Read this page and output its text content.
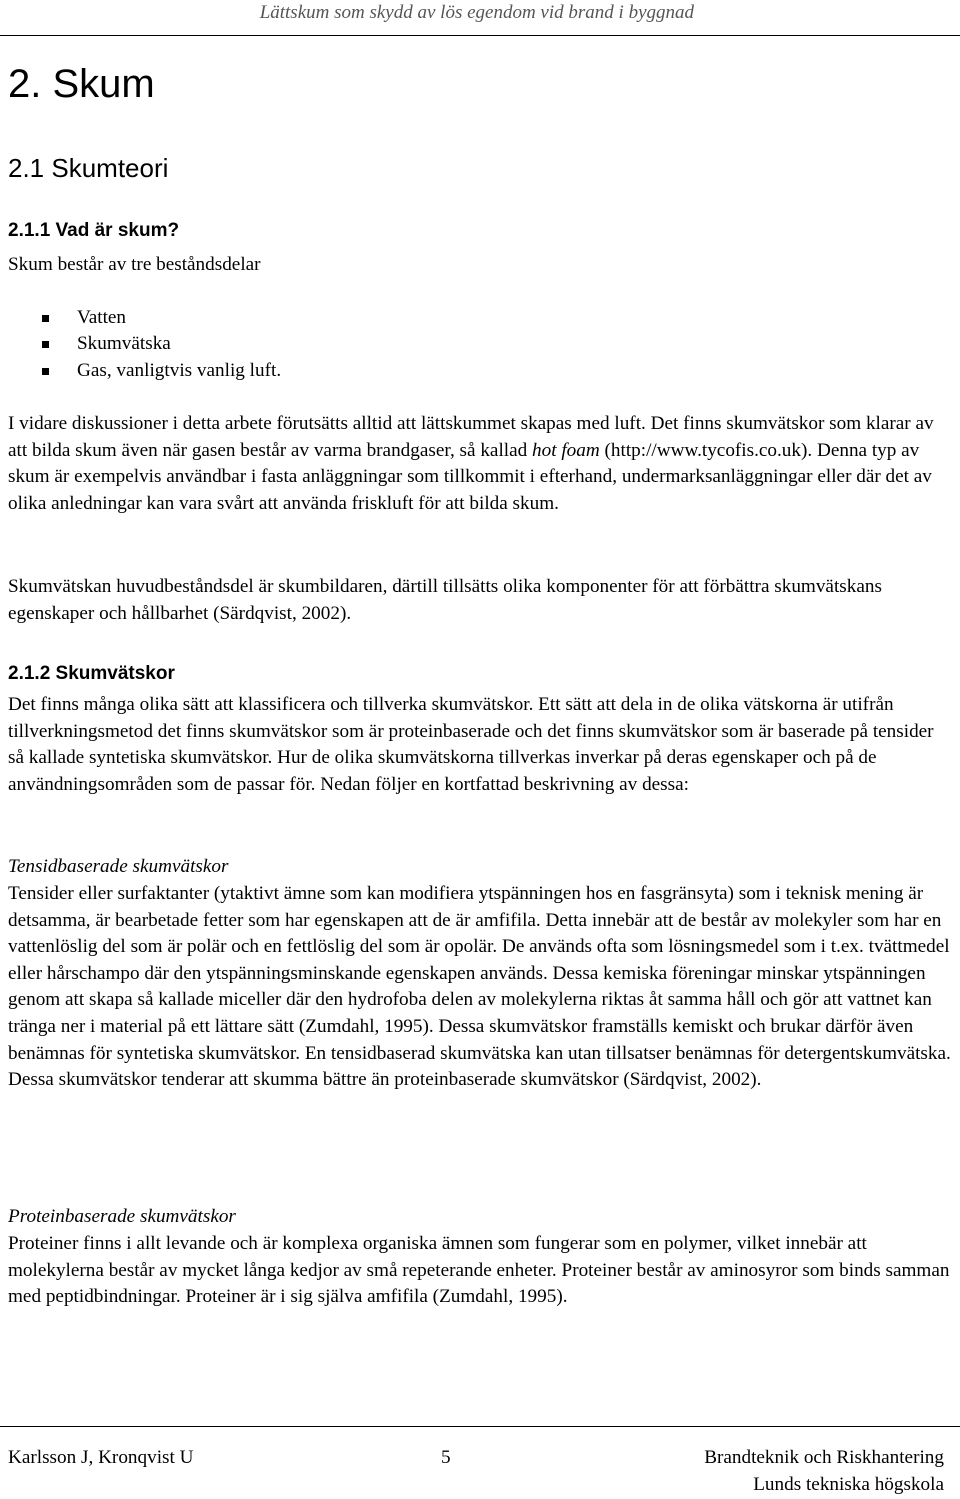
Lättskum som skydd av lös egendom vid brand i byggnad
2. Skum
2.1 Skumteori
2.1.1 Vad är skum?

Skum består av tre beståndsdelar

Vatten
Skumvätska
Gas, vanligtvis vanlig luft.

I vidare diskussioner i detta arbete förutsätts alltid att lättskummet skapas med luft. Det finns skumvätskor som klarar av att bilda skum även när gasen består av varma brandgaser, så kallad hot foam (http://www.tycofis.co.uk). Denna typ av skum är exempelvis användbar i fasta anläggningar som tillkommit i efterhand, undermarksanläggningar eller där det av olika anledningar kan vara svårt att använda friskluft för att bilda skum.

Skumvätskan huvudbeståndsdel är skumbildaren, därtill tillsätts olika komponenter för att förbättra skumvätskans egenskaper och hållbarhet (Särdqvist, 2002).

2.1.2 Skumvätskor

Det finns många olika sätt att klassificera och tillverka skumvätskor. Ett sätt att dela in de olika vätskorna är utifrån tillverkningsmetod det finns skumvätskor som är proteinbaserade och det finns skumvätskor som är baserade på tensider så kallade syntetiska skumvätskor. Hur de olika skumvätskorna tillverkas inverkar på deras egenskaper och på de användningsområden som de passar för. Nedan följer en kortfattad beskrivning av dessa:

Tensidbaserade skumvätskor

Tensider eller surfaktanter (ytaktivt ämne som kan modifiera ytspänningen hos en fasgränsyta) som i teknisk mening är detsamma, är bearbetade fetter som har egenskapen att de är amfifila. Detta innebär att de består av molekyler som har en vattenlöslig del som är polär och en fettlöslig del som är opolär. De används ofta som lösningsmedel som i t.ex. tvättmedel eller hårschampo där den ytspänningsminskande egenskapen används. Dessa kemiska föreningar minskar ytspänningen genom att skapa så kallade miceller där den hydrofoba delen av molekylerna riktas åt samma håll och gör att vattnet kan tränga ner i material på ett lättare sätt (Zumdahl, 1995). Dessa skumvätskor framställs kemiskt och brukar därför även benämnas för syntetiska skumvätskor. En tensidbaserad skumvätska kan utan tillsatser benämnas för detergentskumvätska. Dessa skumvätskor tenderar att skumma bättre än proteinbaserade skumvätskor (Särdqvist, 2002).

Proteinbaserade skumvätskor

Proteiner finns i allt levande och är komplexa organiska ämnen som fungerar som en polymer, vilket innebär att molekylerna består av mycket långa kedjor av små repeterande enheter. Proteiner består av aminosyror som binds samman med peptidbindningar. Proteiner är i sig själva amfifila (Zumdahl, 1995).

Karlsson J, Kronqvist U	5	Brandteknik och Riskhantering
Lunds tekniska högskola
